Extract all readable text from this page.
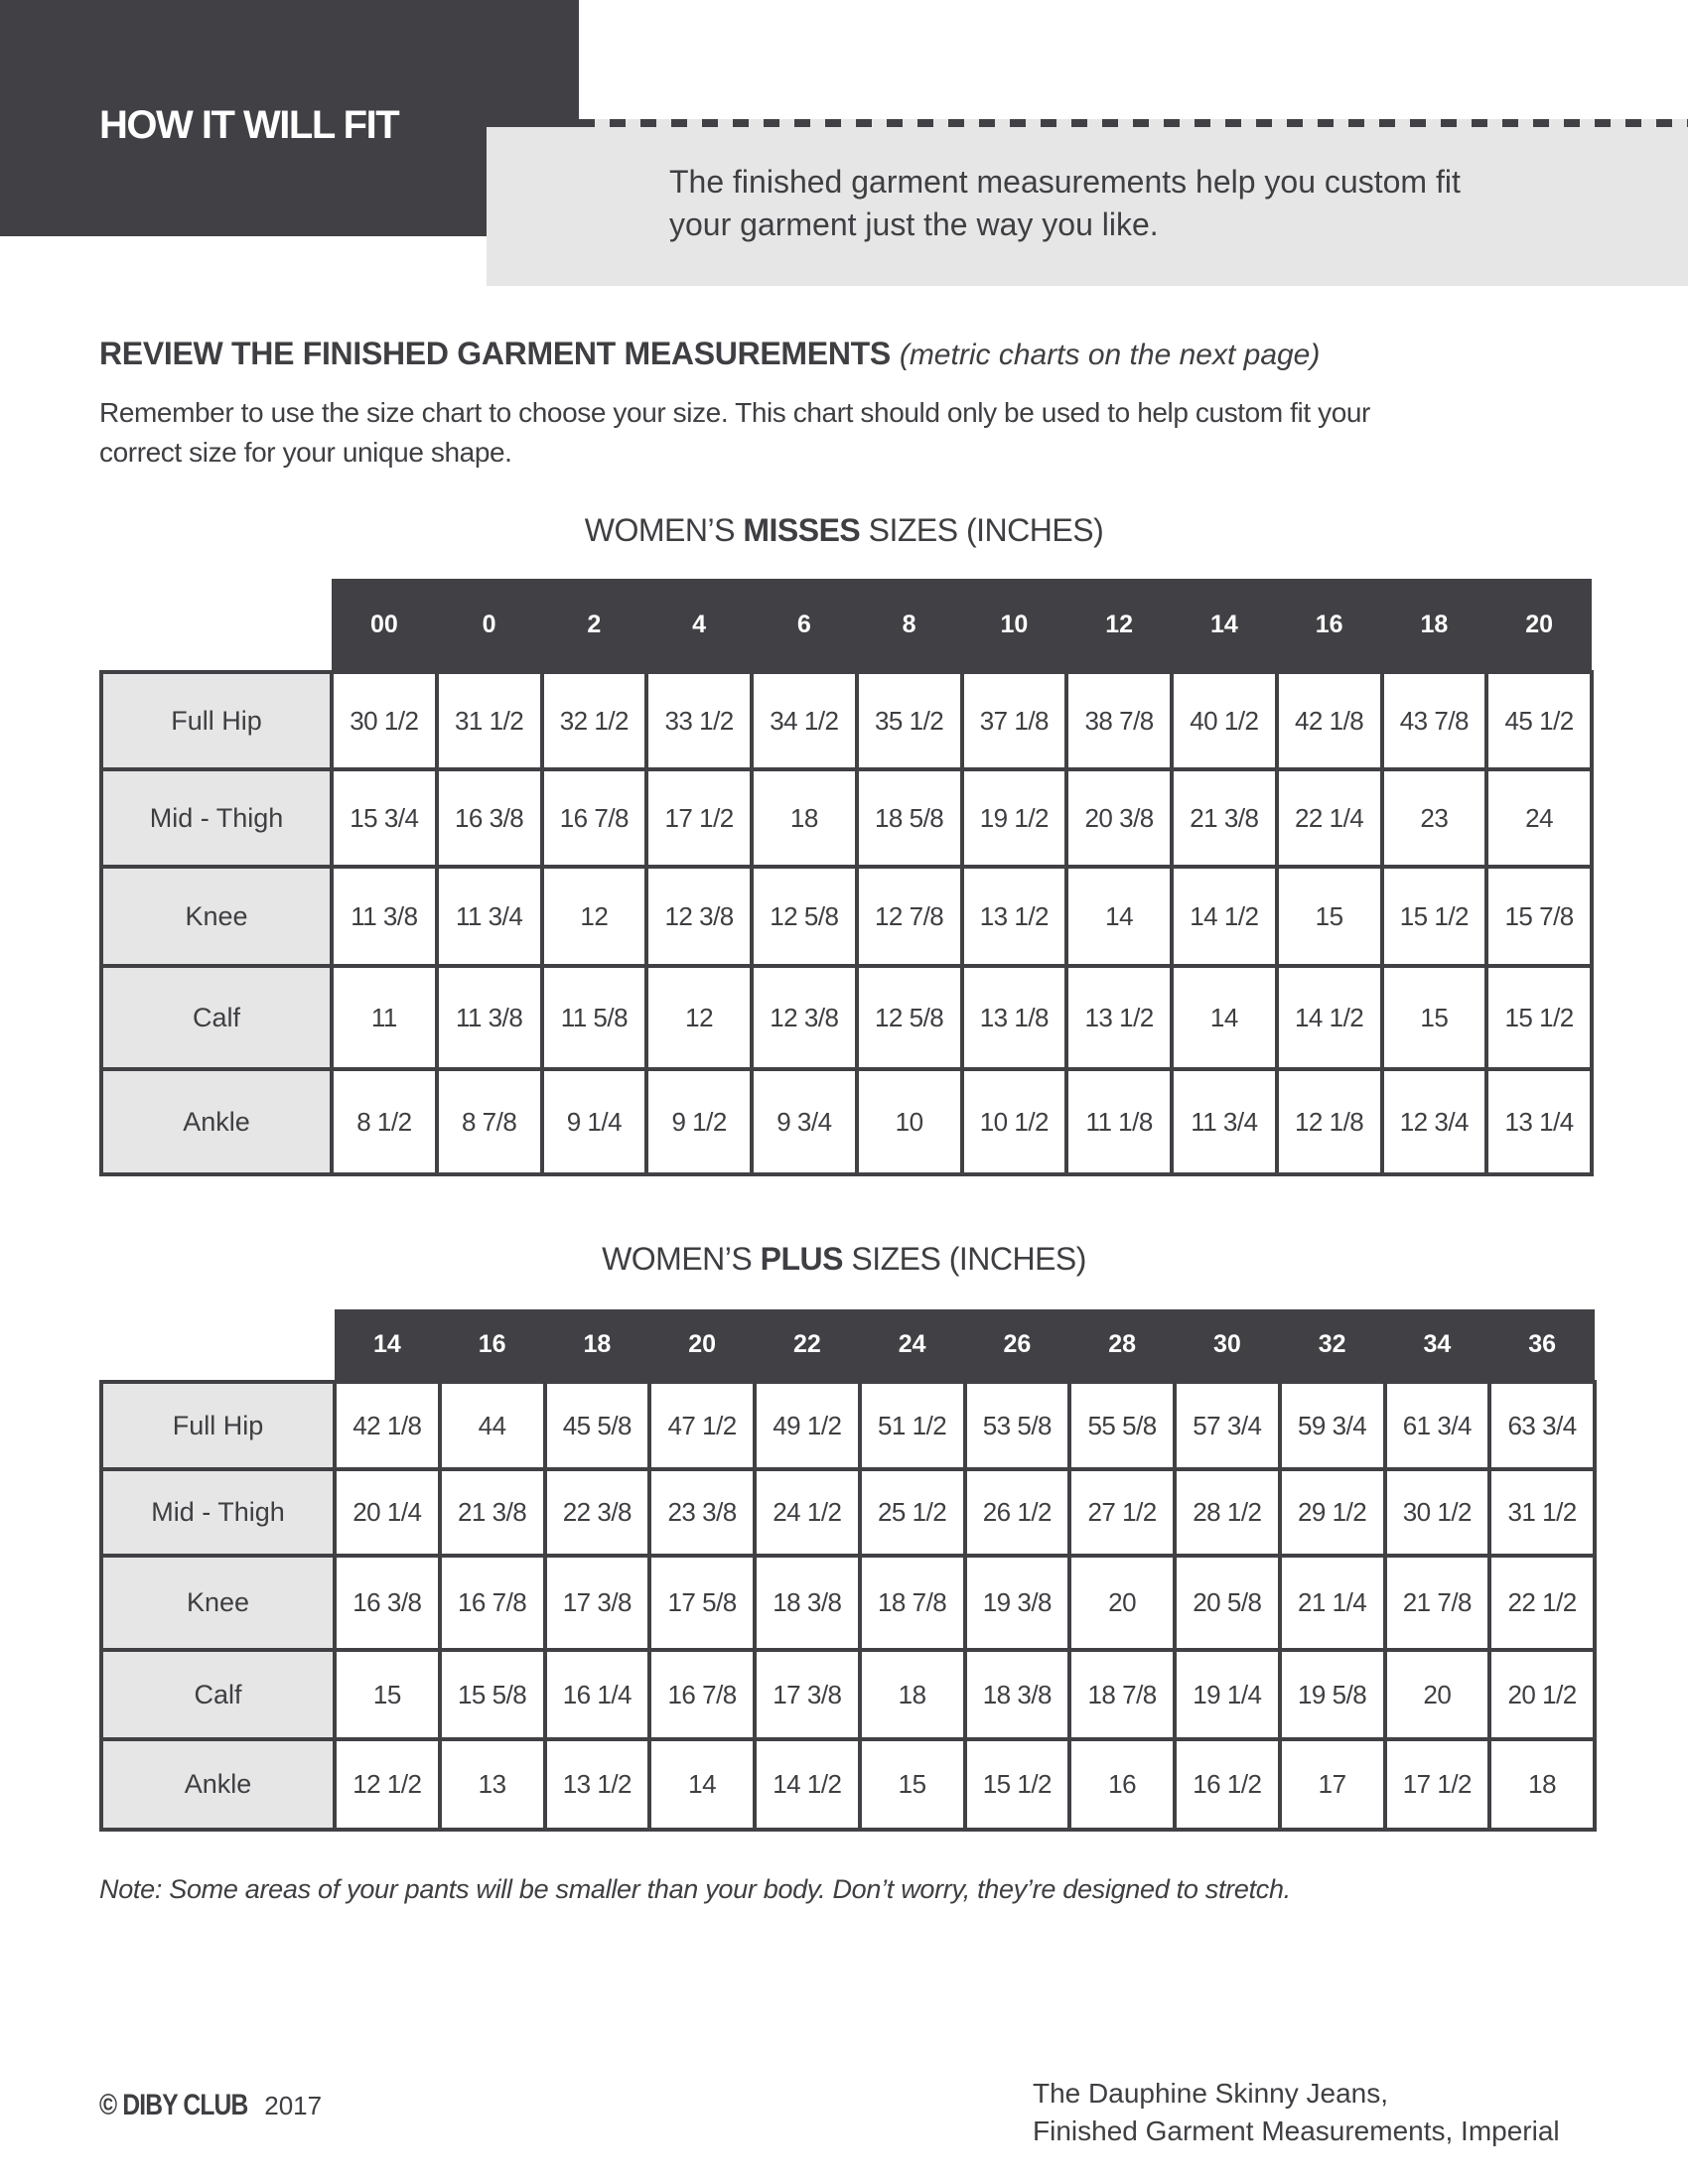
HOW IT WILL FIT
The finished garment measurements help you custom fit
your garment just the way you like.
REVIEW THE FINISHED GARMENT MEASUREMENTS (metric charts on the next page)
Remember to use the size chart to choose your size. This chart should only be used to help custom fit your
correct size for your unique shape.
WOMEN’S MISSES SIZES (INCHES)
	00	0	2	4	6	8	10	12	14	16	18	20
Full Hip	30 1/2	31 1/2	32 1/2	33 1/2	34 1/2	35 1/2	37 1/8	38 7/8	40 1/2	42 1/8	43 7/8	45 1/2
Mid - Thigh	15 3/4	16 3/8	16 7/8	17 1/2	18	18 5/8	19 1/2	20 3/8	21 3/8	22 1/4	23	24
Knee	11 3/8	11 3/4	12	12 3/8	12 5/8	12 7/8	13 1/2	14	14 1/2	15	15 1/2	15 7/8
Calf	11	11 3/8	11 5/8	12	12 3/8	12 5/8	13 1/8	13 1/2	14	14 1/2	15	15 1/2
Ankle	8 1/2	8 7/8	9 1/4	9 1/2	9 3/4	10	10 1/2	11 1/8	11 3/4	12 1/8	12 3/4	13 1/4
WOMEN’S PLUS SIZES (INCHES)
	14	16	18	20	22	24	26	28	30	32	34	36
Full Hip	42 1/8	44	45 5/8	47 1/2	49 1/2	51 1/2	53 5/8	55 5/8	57 3/4	59 3/4	61 3/4	63 3/4
Mid - Thigh	20 1/4	21 3/8	22 3/8	23 3/8	24 1/2	25 1/2	26 1/2	27 1/2	28 1/2	29 1/2	30 1/2	31 1/2
Knee	16 3/8	16 7/8	17 3/8	17 5/8	18 3/8	18 7/8	19 3/8	20	20 5/8	21 1/4	21 7/8	22 1/2
Calf	15	15 5/8	16 1/4	16 7/8	17 3/8	18	18 3/8	18 7/8	19 1/4	19 5/8	20	20 1/2
Ankle	12 1/2	13	13 1/2	14	14 1/2	15	15 1/2	16	16 1/2	17	17 1/2	18
Note: Some areas of your pants will be smaller than your body. Don’t worry, they’re designed to stretch.
© DIBY CLUB 2017	The Dauphine Skinny Jeans,
Finished Garment Measurements, Imperial
